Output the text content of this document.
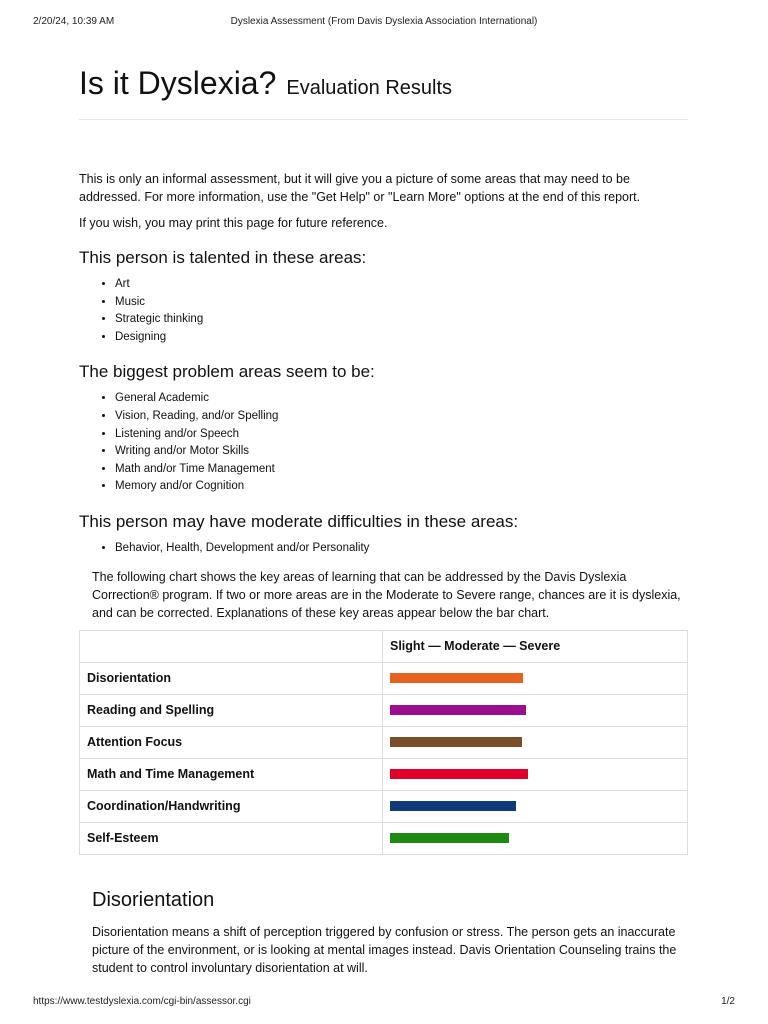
2/20/24, 10:39 AM	Dyslexia Assessment (From Davis Dyslexia Association International)
Is it Dyslexia? Evaluation Results

This is only an informal assessment, but it will give you a picture of some areas that may need to be addressed. For more information, use the "Get Help" or "Learn More" options at the end of this report.

If you wish, you may print this page for future reference.

This person is talented in these areas:
• Art
• Music
• Strategic thinking
• Designing
The biggest problem areas seem to be:
• General Academic
• Vision, Reading, and/or Spelling
• Listening and/or Speech
• Writing and/or Motor Skills
• Math and/or Time Management
• Memory and/or Cognition
This person may have moderate difficulties in these areas:
• Behavior, Health, Development and/or Personality

The following chart shows the key areas of learning that can be addressed by the Davis Dyslexia Correction® program. If two or more areas are in the Moderate to Severe range, chances are it is dyslexia, and can be corrected. Explanations of these key areas appear below the bar chart.

	Slight — Moderate — Severe
Disorientation	

Reading and Spelling	

Attention Focus	

Math and Time Management	

Coordination/Handwriting	

Self-Esteem	
Disorientation

Disorientation means a shift of perception triggered by confusion or stress. The person gets an inaccurate picture of the environment, or is looking at mental images instead. Davis Orientation Counseling trains the student to control involuntary disorientation at will.

https://www.testdyslexia.com/cgi-bin/assessor.cgi	1/2
